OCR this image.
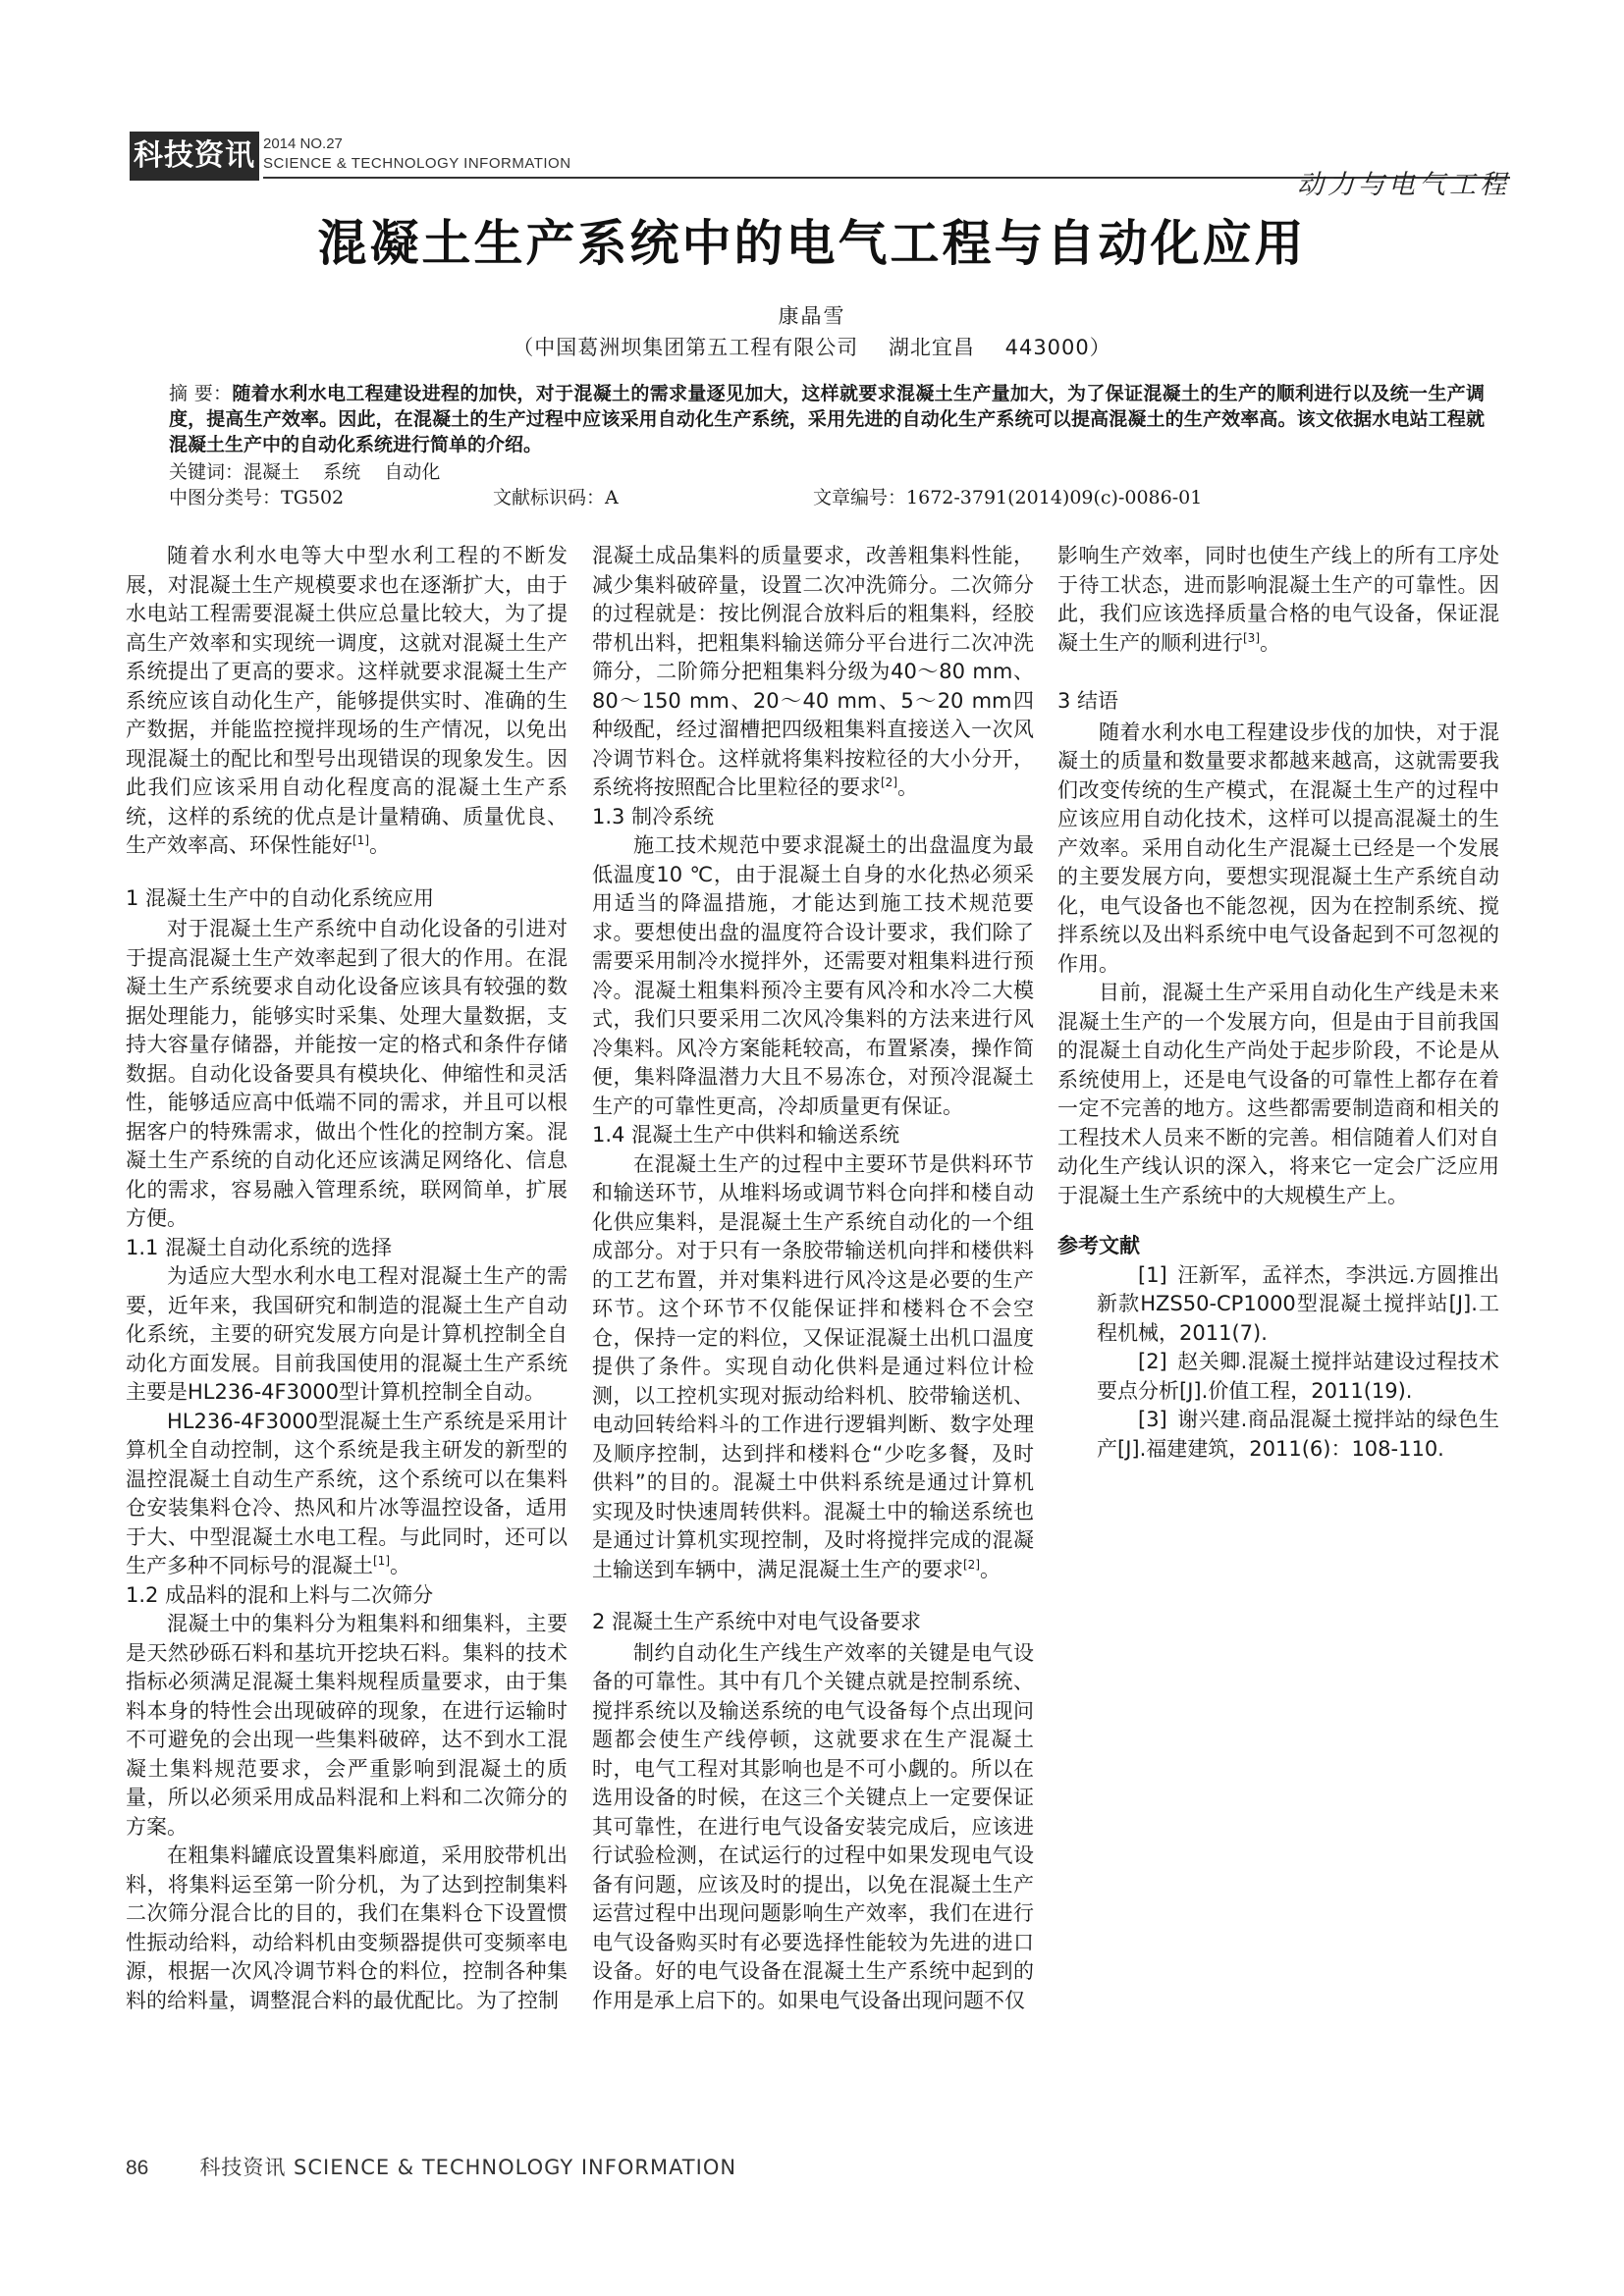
科技资讯 2014 NO.27
SCIENCE & TECHNOLOGY INFORMATION
动力与电气工程
混凝土生产系统中的电气工程与自动化应用
康晶雪
（中国葛洲坝集团第五工程有限公司    湖北宜昌    443000）
摘 要：随着水利水电工程建设进程的加快，对于混凝土的需求量逐见加大，这样就要求混凝土生产量加大，为了保证混凝土的生产的顺利进行以及统一生产调度，提高生产效率。因此，在混凝土的生产过程中应该采用自动化生产系统，采用先进的自动化生产系统可以提高混凝土的生产效率高。该文依据水电站工程就混凝土生产中的自动化系统进行简单的介绍。
关键词：混凝土    系统    自动化
中图分类号：TG502	文献标识码：A	文章编号：1672-3791(2014)09(c)-0086-01

随着水利水电等大中型水利工程的不断发展，对混凝土生产规模要求也在逐渐扩大，由于水电站工程需要混凝土供应总量比较大，为了提高生产效率和实现统一调度，这就对混凝土生产系统提出了更高的要求。这样就要求混凝土生产系统应该自动化生产，能够提供实时、准确的生产数据，并能监控搅拌现场的生产情况，以免出现混凝土的配比和型号出现错误的现象发生。因此我们应该采用自动化程度高的混凝土生产系统，这样的系统的优点是计量精确、质量优良、生产效率高、环保性能好[1]。

1 混凝土生产中的自动化系统应用

对于混凝土生产系统中自动化设备的引进对于提高混凝土生产效率起到了很大的作用。在混凝土生产系统要求自动化设备应该具有较强的数据处理能力，能够实时采集、处理大量数据，支持大容量存储器，并能按一定的格式和条件存储数据。自动化设备要具有模块化、伸缩性和灵活性，能够适应高中低端不同的需求，并且可以根据客户的特殊需求，做出个性化的控制方案。混凝土生产系统的自动化还应该满足网络化、信息化的需求，容易融入管理系统，联网简单，扩展方便。

1.1 混凝土自动化系统的选择

为适应大型水利水电工程对混凝土生产的需要，近年来，我国研究和制造的混凝土生产自动化系统，主要的研究发展方向是计算机控制全自动化方面发展。目前我国使用的混凝土生产系统主要是HL236-4F3000型计算机控制全自动。

HL236-4F3000型混凝土生产系统是采用计算机全自动控制，这个系统是我主研发的新型的温控混凝土自动生产系统，这个系统可以在集料仓安装集料仓冷、热风和片冰等温控设备，适用于大、中型混凝土水电工程。与此同时，还可以生产多种不同标号的混凝土[1]。

1.2 成品料的混和上料与二次筛分

混凝土中的集料分为粗集料和细集料，主要是天然砂砾石料和基坑开挖块石料。集料的技术指标必须满足混凝土集料规程质量要求，由于集料本身的特性会出现破碎的现象，在进行运输时不可避免的会出现一些集料破碎，达不到水工混凝土集料规范要求，会严重影响到混凝土的质量，所以必须采用成品料混和上料和二次筛分的方案。

在粗集料罐底设置集料廊道，采用胶带机出料，将集料运至第一阶分机，为了达到控制集料二次筛分混合比的目的，我们在集料仓下设置惯性振动给料，动给料机由变频器提供可变频率电源，根据一次风冷调节料仓的料位，控制各种集料的给料量，调整混合料的最优配比。为了控制

混凝土成品集料的质量要求，改善粗集料性能，减少集料破碎量，设置二次冲洗筛分。二次筛分的过程就是：按比例混合放料后的粗集料，经胶带机出料，把粗集料输送筛分平台进行二次冲洗筛分，二阶筛分把粗集料分级为40～80 mm、80～150 mm、20～40 mm、5～20 mm四种级配，经过溜槽把四级粗集料直接送入一次风冷调节料仓。这样就将集料按粒径的大小分开，系统将按照配合比里粒径的要求[2]。

1.3 制冷系统

施工技术规范中要求混凝土的出盘温度为最低温度10 ℃，由于混凝土自身的水化热必须采用适当的降温措施，才能达到施工技术规范要求。要想使出盘的温度符合设计要求，我们除了需要采用制冷水搅拌外，还需要对粗集料进行预冷。混凝土粗集料预冷主要有风冷和水冷二大模式，我们只要采用二次风冷集料的方法来进行风冷集料。风冷方案能耗较高，布置紧凑，操作简便，集料降温潜力大且不易冻仓，对预冷混凝土生产的可靠性更高，冷却质量更有保证。

1.4 混凝土生产中供料和输送系统

在混凝土生产的过程中主要环节是供料环节和输送环节，从堆料场或调节料仓向拌和楼自动化供应集料，是混凝土生产系统自动化的一个组成部分。对于只有一条胶带输送机向拌和楼供料的工艺布置，并对集料进行风冷这是必要的生产环节。这个环节不仅能保证拌和楼料仓不会空仓，保持一定的料位，又保证混凝土出机口温度提供了条件。实现自动化供料是通过料位计检测，以工控机实现对振动给料机、胶带输送机、电动回转给料斗的工作进行逻辑判断、数字处理及顺序控制，达到拌和楼料仓“少吃多餐，及时供料”的目的。混凝土中供料系统是通过计算机实现及时快速周转供料。混凝土中的输送系统也是通过计算机实现控制，及时将搅拌完成的混凝土输送到车辆中，满足混凝土生产的要求[2]。

2 混凝土生产系统中对电气设备要求

制约自动化生产线生产效率的关键是电气设备的可靠性。其中有几个关键点就是控制系统、搅拌系统以及输送系统的电气设备每个点出现问题都会使生产线停顿，这就要求在生产混凝土时，电气工程对其影响也是不可小觑的。所以在选用设备的时候，在这三个关键点上一定要保证其可靠性，在进行电气设备安装完成后，应该进行试验检测，在试运行的过程中如果发现电气设备有问题，应该及时的提出，以免在混凝土生产运营过程中出现问题影响生产效率，我们在进行电气设备购买时有必要选择性能较为先进的进口设备。好的电气设备在混凝土生产系统中起到的作用是承上启下的。如果电气设备出现问题不仅

影响生产效率，同时也使生产线上的所有工序处于待工状态，进而影响混凝土生产的可靠性。因此，我们应该选择质量合格的电气设备，保证混凝土生产的顺利进行[3]。

3 结语

随着水利水电工程建设步伐的加快，对于混凝土的质量和数量要求都越来越高，这就需要我们改变传统的生产模式，在混凝土生产的过程中应该应用自动化技术，这样可以提高混凝土的生产效率。采用自动化生产混凝土已经是一个发展的主要发展方向，要想实现混凝土生产系统自动化，电气设备也不能忽视，因为在控制系统、搅拌系统以及出料系统中电气设备起到不可忽视的作用。

目前，混凝土生产采用自动化生产线是未来混凝土生产的一个发展方向，但是由于目前我国的混凝土自动化生产尚处于起步阶段，不论是从系统使用上，还是电气设备的可靠性上都存在着一定不完善的地方。这些都需要制造商和相关的工程技术人员来不断的完善。相信随着人们对自动化生产线认识的深入，将来它一定会广泛应用于混凝土生产系统中的大规模生产上。

参考文献

[1] 汪新军，孟祥杰，李洪远.方圆推出新款HZS50-CP1000型混凝土搅拌站[J].工程机械，2011(7).

[2] 赵关卿.混凝土搅拌站建设过程技术要点分析[J].价值工程，2011(19).

[3] 谢兴建.商品混凝土搅拌站的绿色生产[J].福建建筑，2011(6)：108-110.

86 科技资讯 SCIENCE & TECHNOLOGY INFORMATION
